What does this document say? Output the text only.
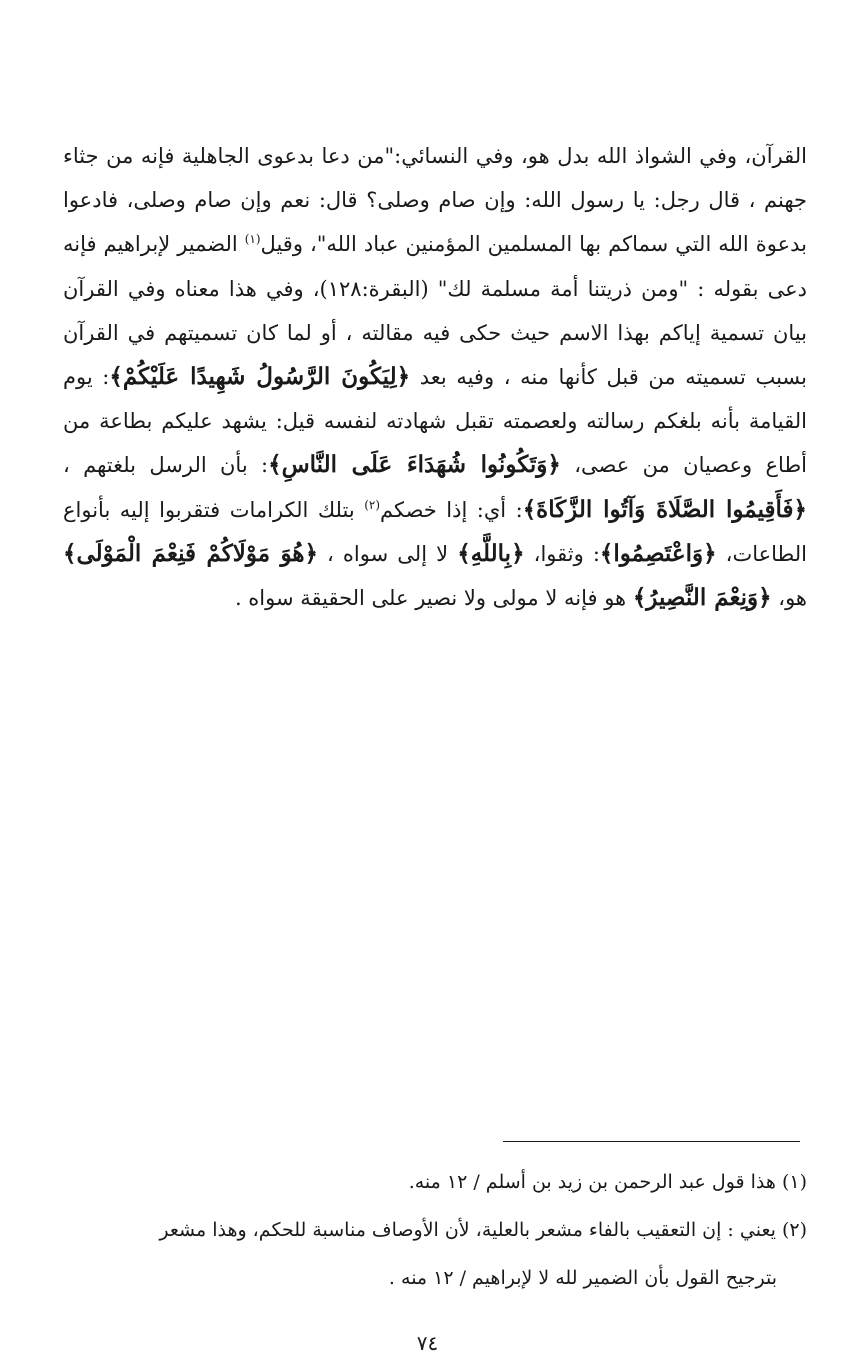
القرآن، وفي الشواذ الله بدل هو، وفي النسائي:"من دعا بدعوى الجاهلية فإنه من جثاء جهنم ، قال رجل: يا رسول الله: وإن صام وصلى؟ قال: نعم وإن صام وصلى، فادعوا بدعوة الله التي سماكم بها المسلمين المؤمنين عباد الله"، وقيل$^{(١)}$ الضمير لإبراهيم فإنه دعى بقوله : "ومن ذريتنا أمة مسلمة لك" (البقرة:١٢٨)، وفي هذا معناه وفي القرآن بيان تسمية إياكم بهذا الاسم حيث حكى فيه مقالته ، أو لما كان تسميتهم في القرآن بسبب تسميته من قبل كأنها منه ، وفيه بعد ﴿لِيَكُونَ الرَّسُولُ شَهِيدًا عَلَيْكُمْ﴾: يوم القيامة بأنه بلغكم رسالته ولعصمته تقبل شهادته لنفسه قيل: يشهد عليكم بطاعة من أطاع وعصيان من عصى، ﴿وَتَكُونُوا شُهَدَاءَ عَلَى النَّاسِ﴾: بأن الرسل بلغتهم ، ﴿فَأَقِيمُوا الصَّلَاةَ وَآتُوا الزَّكَاةَ﴾: أي: إذا خصكم$^{(٢)}$ بتلك الكرامات فتقربوا إليه بأنواع الطاعات، ﴿وَاعْتَصِمُوا﴾: وثقوا، ﴿بِاللَّهِ﴾ لا إلى سواه ، ﴿هُوَ مَوْلَاكُمْ فَنِعْمَ الْمَوْلَى﴾ هو، ﴿وَنِعْمَ النَّصِيرُ﴾ هو فإنه لا مولى ولا نصير على الحقيقة سواه .

(١) هذا قول عبد الرحمن بن زيد بن أسلم / ١٢ منه.

(٢) يعني : إن التعقيب بالفاء مشعر بالعلية، لأن الأوصاف مناسبة للحكم، وهذا مشعر

بترجيح القول بأن الضمير لله لا لإبراهيم / ١٢ منه .

٧٤
